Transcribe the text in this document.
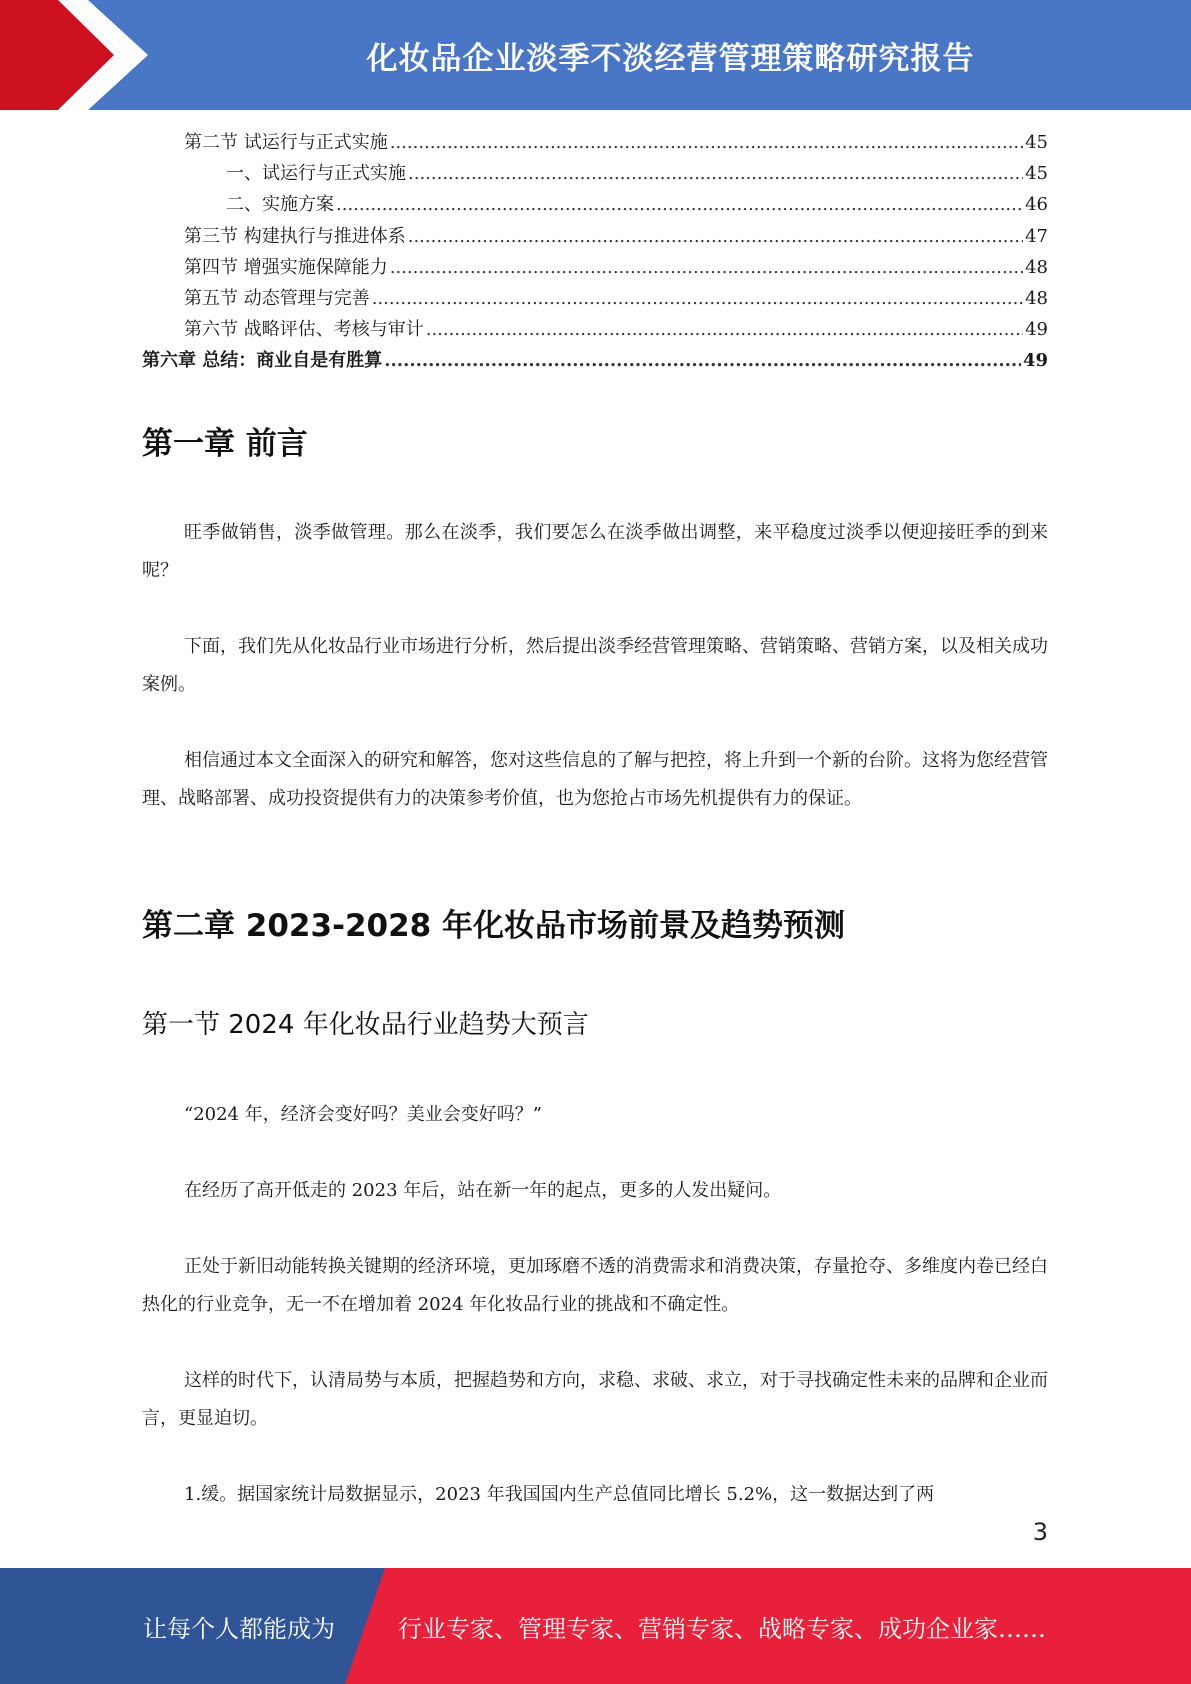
化妆品企业淡季不淡经营管理策略研究报告
第二节 试运行与正式实施 .....	45
一、试运行与正式实施 .....	45
二、实施方案 .....	46
第三节 构建执行与推进体系 .....	47
第四节 增强实施保障能力 .....	48
第五节 动态管理与完善 .....	48
第六节 战略评估、考核与审计 .....	49
第六章 总结：商业自是有胜算 .....	49
第一章 前言

旺季做销售，淡季做管理。那么在淡季，我们要怎么在淡季做出调整，来平稳度过淡季以便迎接旺季的到来呢？

下面，我们先从化妆品行业市场进行分析，然后提出淡季经营管理策略、营销策略、营销方案，以及相关成功案例。

相信通过本文全面深入的研究和解答，您对这些信息的了解与把控，将上升到一个新的台阶。这将为您经营管理、战略部署、成功投资提供有力的决策参考价值，也为您抢占市场先机提供有力的保证。

第二章 2023-2028 年化妆品市场前景及趋势预测
第一节 2024 年化妆品行业趋势大预言

“2024 年，经济会变好吗？美业会变好吗？”

在经历了高开低走的 2023 年后，站在新一年的起点，更多的人发出疑问。

正处于新旧动能转换关键期的经济环境，更加琢磨不透的消费需求和消费决策，存量抢夺、多维度内卷已经白热化的行业竞争，无一不在增加着 2024 年化妆品行业的挑战和不确定性。

这样的时代下，认清局势与本质，把握趋势和方向，求稳、求破、求立，对于寻找确定性未来的品牌和企业而言，更显迫切。

1.缓。据国家统计局数据显示，2023 年我国国内生产总值同比增长 5.2%，这一数据达到了两

3
让每个人都能成为	行业专家、管理专家、营销专家、战略专家、成功企业家……
